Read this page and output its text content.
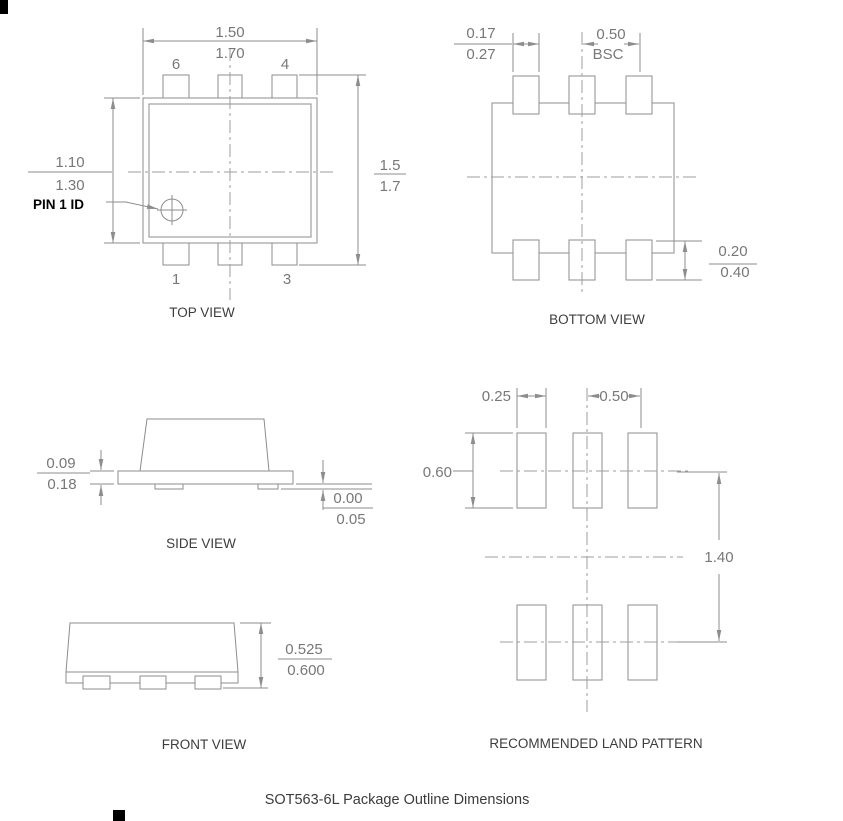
1.50
1.70
6	4
1	3
1.10
1.30
1.5
1.7
PIN 1 ID
TOP VIEW
0.17
0.27
0.50
BSC
0.20
0.40
BOTTOM VIEW
0.09
0.18
0.00
0.05
SIDE VIEW
0.525
0.600
FRONT VIEW
0.25	0.50
0.60
1.40
RECOMMENDED LAND PATTERN
SOT563-6L Package Outline Dimensions
